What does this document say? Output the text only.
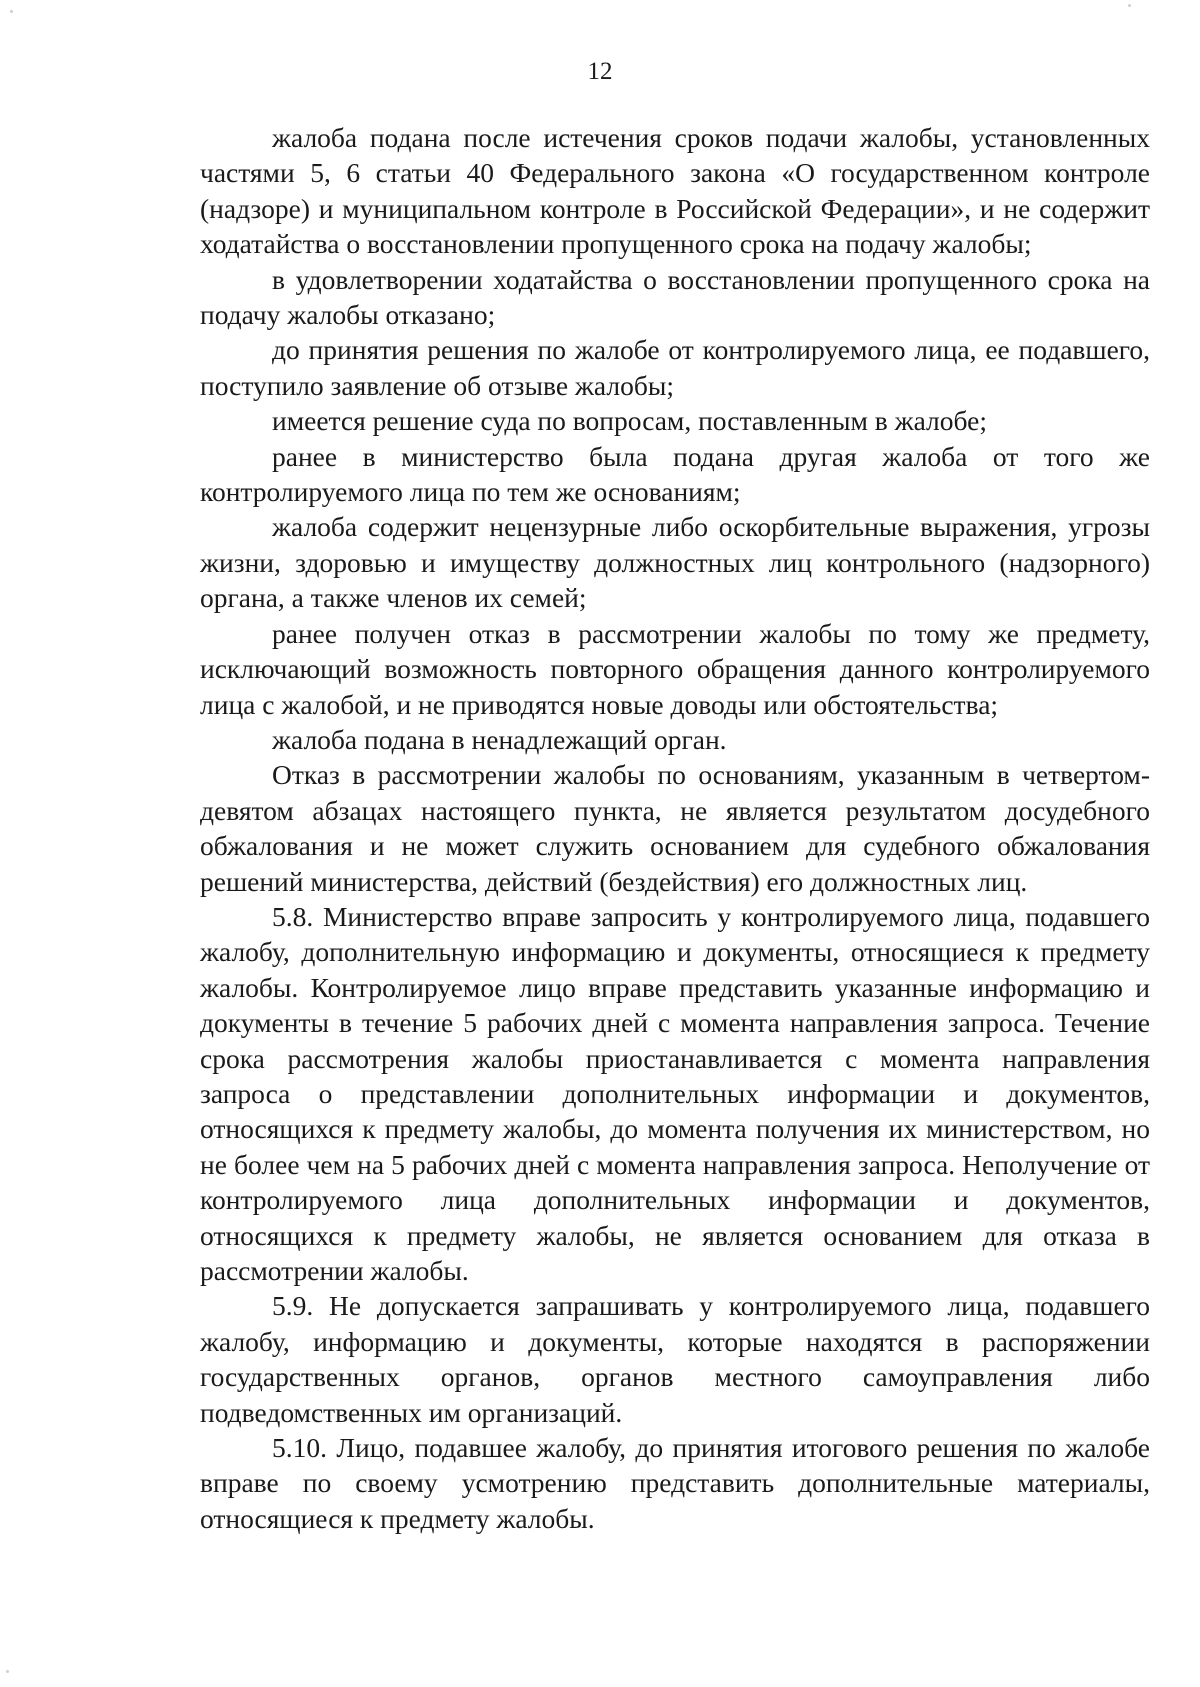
12

жалоба подана после истечения сроков подачи жалобы, установленных частями 5, 6 статьи 40 Федерального закона «О государственном контроле (надзоре) и муниципальном контроле в Российской Федерации», и не содержит ходатайства о восстановлении пропущенного срока на подачу жалобы;

в удовлетворении ходатайства о восстановлении пропущенного срока на подачу жалобы отказано;

до принятия решения по жалобе от контролируемого лица, ее подавшего, поступило заявление об отзыве жалобы;

имеется решение суда по вопросам, поставленным в жалобе;

ранее в министерство была подана другая жалоба от того же контролируемого лица по тем же основаниям;

жалоба содержит нецензурные либо оскорбительные выражения, угрозы жизни, здоровью и имуществу должностных лиц контрольного (надзорного) органа, а также членов их семей;

ранее получен отказ в рассмотрении жалобы по тому же предмету, исключающий возможность повторного обращения данного контролируемого лица с жалобой, и не приводятся новые доводы или обстоятельства;

жалоба подана в ненадлежащий орган.

Отказ в рассмотрении жалобы по основаниям, указанным в четвертом-девятом абзацах настоящего пункта, не является результатом досудебного обжалования и не может служить основанием для судебного обжалования решений министерства, действий (бездействия) его должностных лиц.

5.8. Министерство вправе запросить у контролируемого лица, подавшего жалобу, дополнительную информацию и документы, относящиеся к предмету жалобы. Контролируемое лицо вправе представить указанные информацию и документы в течение 5 рабочих дней с момента направления запроса. Течение срока рассмотрения жалобы приостанавливается с момента направления запроса о представлении дополнительных информации и документов, относящихся к предмету жалобы, до момента получения их министерством, но не более чем на 5 рабочих дней с момента направления запроса. Неполучение от контролируемого лица дополнительных информации и документов, относящихся к предмету жалобы, не является основанием для отказа в рассмотрении жалобы.

5.9. Не допускается запрашивать у контролируемого лица, подавшего жалобу, информацию и документы, которые находятся в распоряжении государственных органов, органов местного самоуправления либо подведомственных им организаций.

5.10. Лицо, подавшее жалобу, до принятия итогового решения по жалобе вправе по своему усмотрению представить дополнительные материалы, относящиеся к предмету жалобы.
